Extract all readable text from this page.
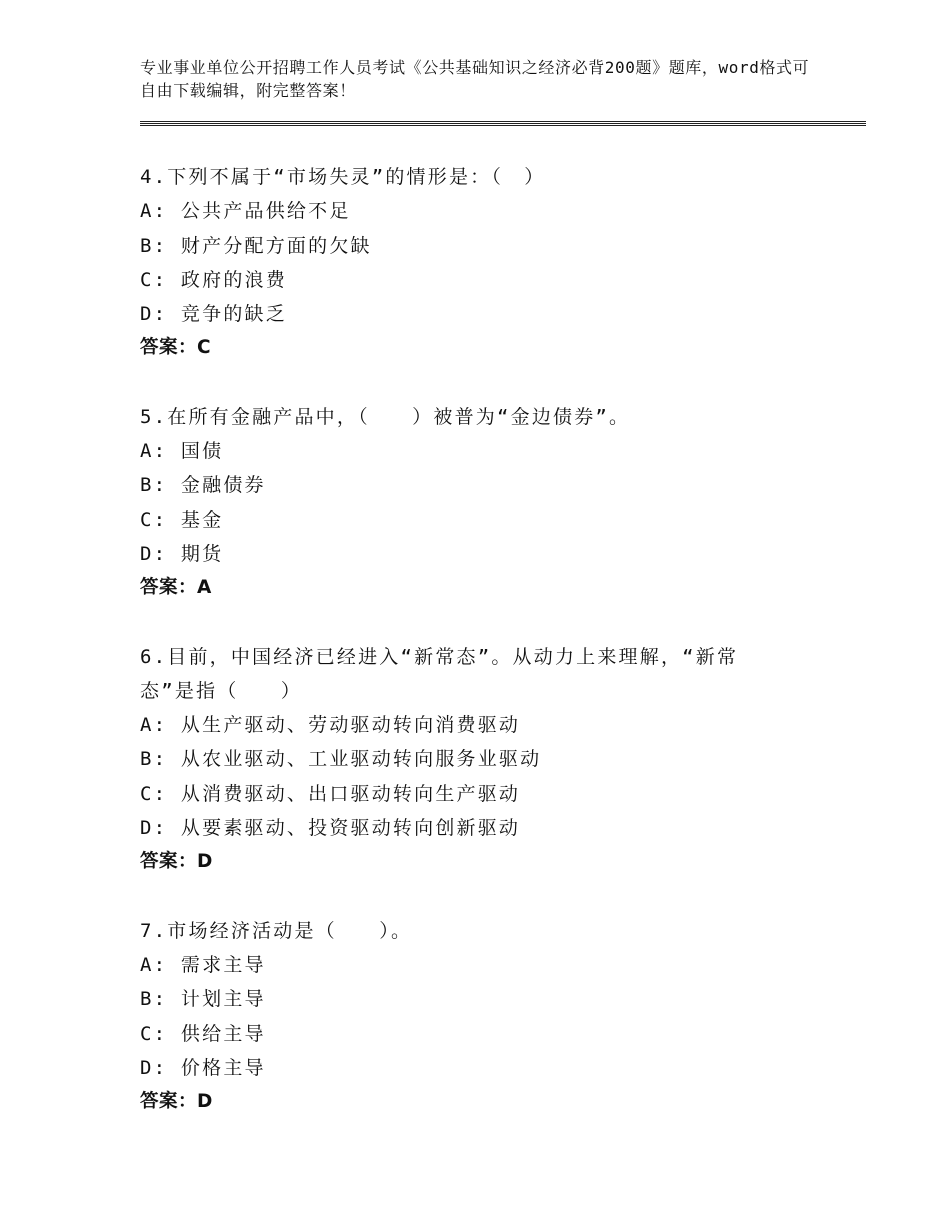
专业事业单位公开招聘工作人员考试《公共基础知识之经济必背200题》题库，word格式可自由下载编辑，附完整答案！
4.下列不属于“市场失灵”的情形是：（　）
A: 公共产品供给不足
B: 财产分配方面的欠缺
C: 政府的浪费
D: 竞争的缺乏
答案：C
5.在所有金融产品中，（　　）被普为“金边债券”。
A: 国债
B: 金融债券
C: 基金
D: 期货
答案：A
6.目前，中国经济已经进入“新常态”。从动力上来理解，“新常态”是指（　　）
A: 从生产驱动、劳动驱动转向消费驱动
B: 从农业驱动、工业驱动转向服务业驱动
C: 从消费驱动、出口驱动转向生产驱动
D: 从要素驱动、投资驱动转向创新驱动
答案：D
7.市场经济活动是（　　）。
A: 需求主导
B: 计划主导
C: 供给主导
D: 价格主导
答案：D
